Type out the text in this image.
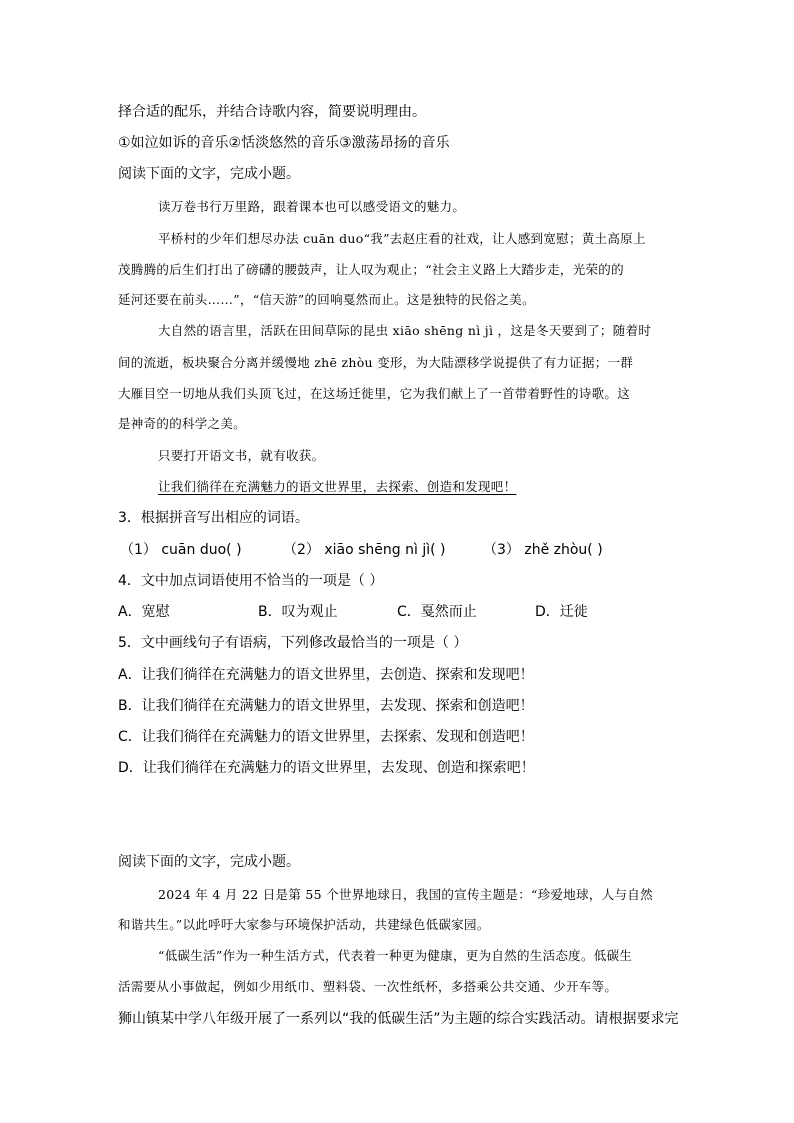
择合适的配乐，并结合诗歌内容，简要说明理由。
①如泣如诉的音乐②恬淡悠然的音乐③激荡昂扬的音乐
阅读下面的文字，完成小题。
读万卷书行万里路，跟着课本也可以感受语文的魅力。
平桥村的少年们想尽办法 cuān duo“我”去赵庄看的社戏，让人感到宽慰；黄土高原上
茂腾腾的后生们打出了磅礴的腰鼓声，让人叹为观止；“社会主义路上大踏步走，光荣的的
延河还要在前头……”，“信天游”的回响戛然而止。这是独特的民俗之美。
大自然的语言里，活跃在田间草际的昆虫 xiāo shēng nì jì ，这是冬天要到了；随着时
间的流逝，板块聚合分离并缓慢地 zhē zhòu 变形，为大陆漂移学说提供了有力证据；一群
大雁目空一切地从我们头顶飞过，在这场迁徙里，它为我们献上了一首带着野性的诗歌。这
是神奇的的科学之美。
只要打开语文书，就有收获。
让我们徜徉在充满魅力的语文世界里，去探索、创造和发现吧！
3．根据拼音写出相应的词语。
（1） cuān duo( )	（2） xiāo shēng nì jì( )	（3） zhě zhòu( )
4．文中加点词语使用不恰当的一项是（ ）
A．宽慰	B．叹为观止	C．戛然而止	D．迁徙
5．文中画线句子有语病，下列修改最恰当的一项是（ ）
A．让我们徜徉在充满魅力的语文世界里，去创造、探索和发现吧！
B．让我们徜徉在充满魅力的语文世界里，去发现、探索和创造吧！
C．让我们徜徉在充满魅力的语文世界里，去探索、发现和创造吧！
D．让我们徜徉在充满魅力的语文世界里，去发现、创造和探索吧！
阅读下面的文字，完成小题。
2024 年 4 月 22 日是第 55 个世界地球日，我国的宣传主题是：“珍爱地球，人与自然
和谐共生。”以此呼吁大家参与环境保护活动，共建绿色低碳家园。
“低碳生活”作为一种生活方式，代表着一种更为健康，更为自然的生活态度。低碳生
活需要从小事做起，例如少用纸巾、塑料袋、一次性纸杯，多搭乘公共交通、少开车等。
狮山镇某中学八年级开展了一系列以“我的低碳生活”为主题的综合实践活动。请根据要求完
